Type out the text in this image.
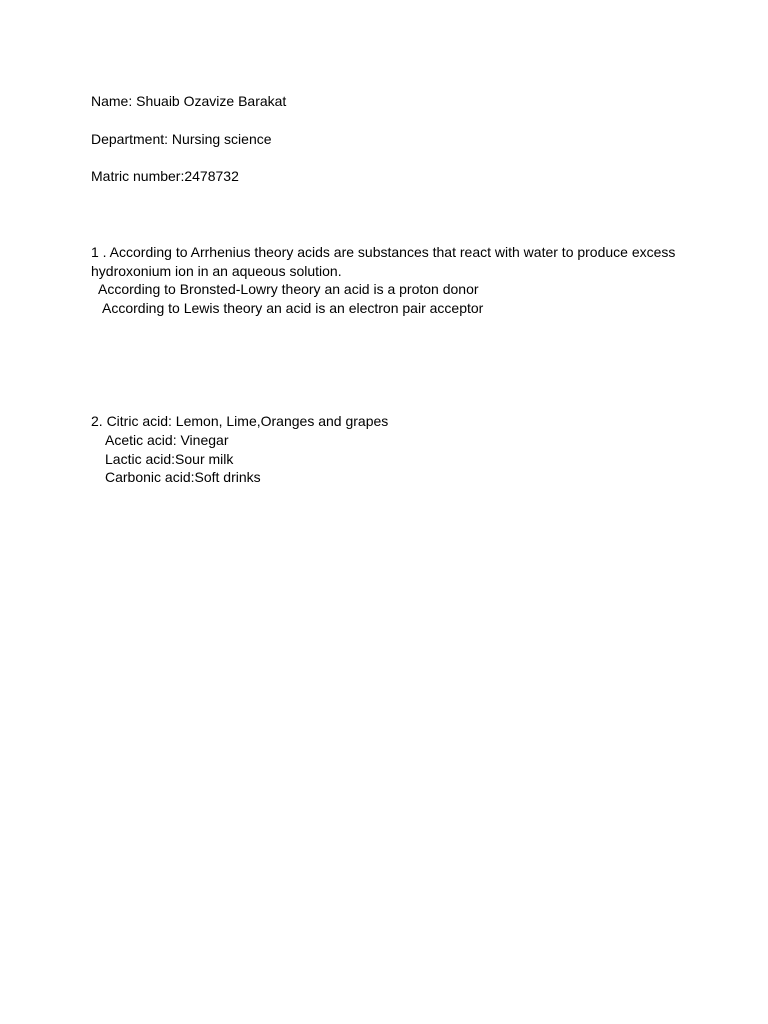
Name: Shuaib Ozavize Barakat
Department: Nursing science
Matric number:2478732
1 . According to Arrhenius theory acids are substances that react with water to produce excess
hydroxonium ion in an aqueous solution.
According to Bronsted-Lowry theory an acid is a proton donor
According to Lewis theory an acid is an electron pair acceptor
2. Citric acid: Lemon, Lime,Oranges and grapes
Acetic acid: Vinegar
Lactic acid:Sour milk
Carbonic acid:Soft drinks
